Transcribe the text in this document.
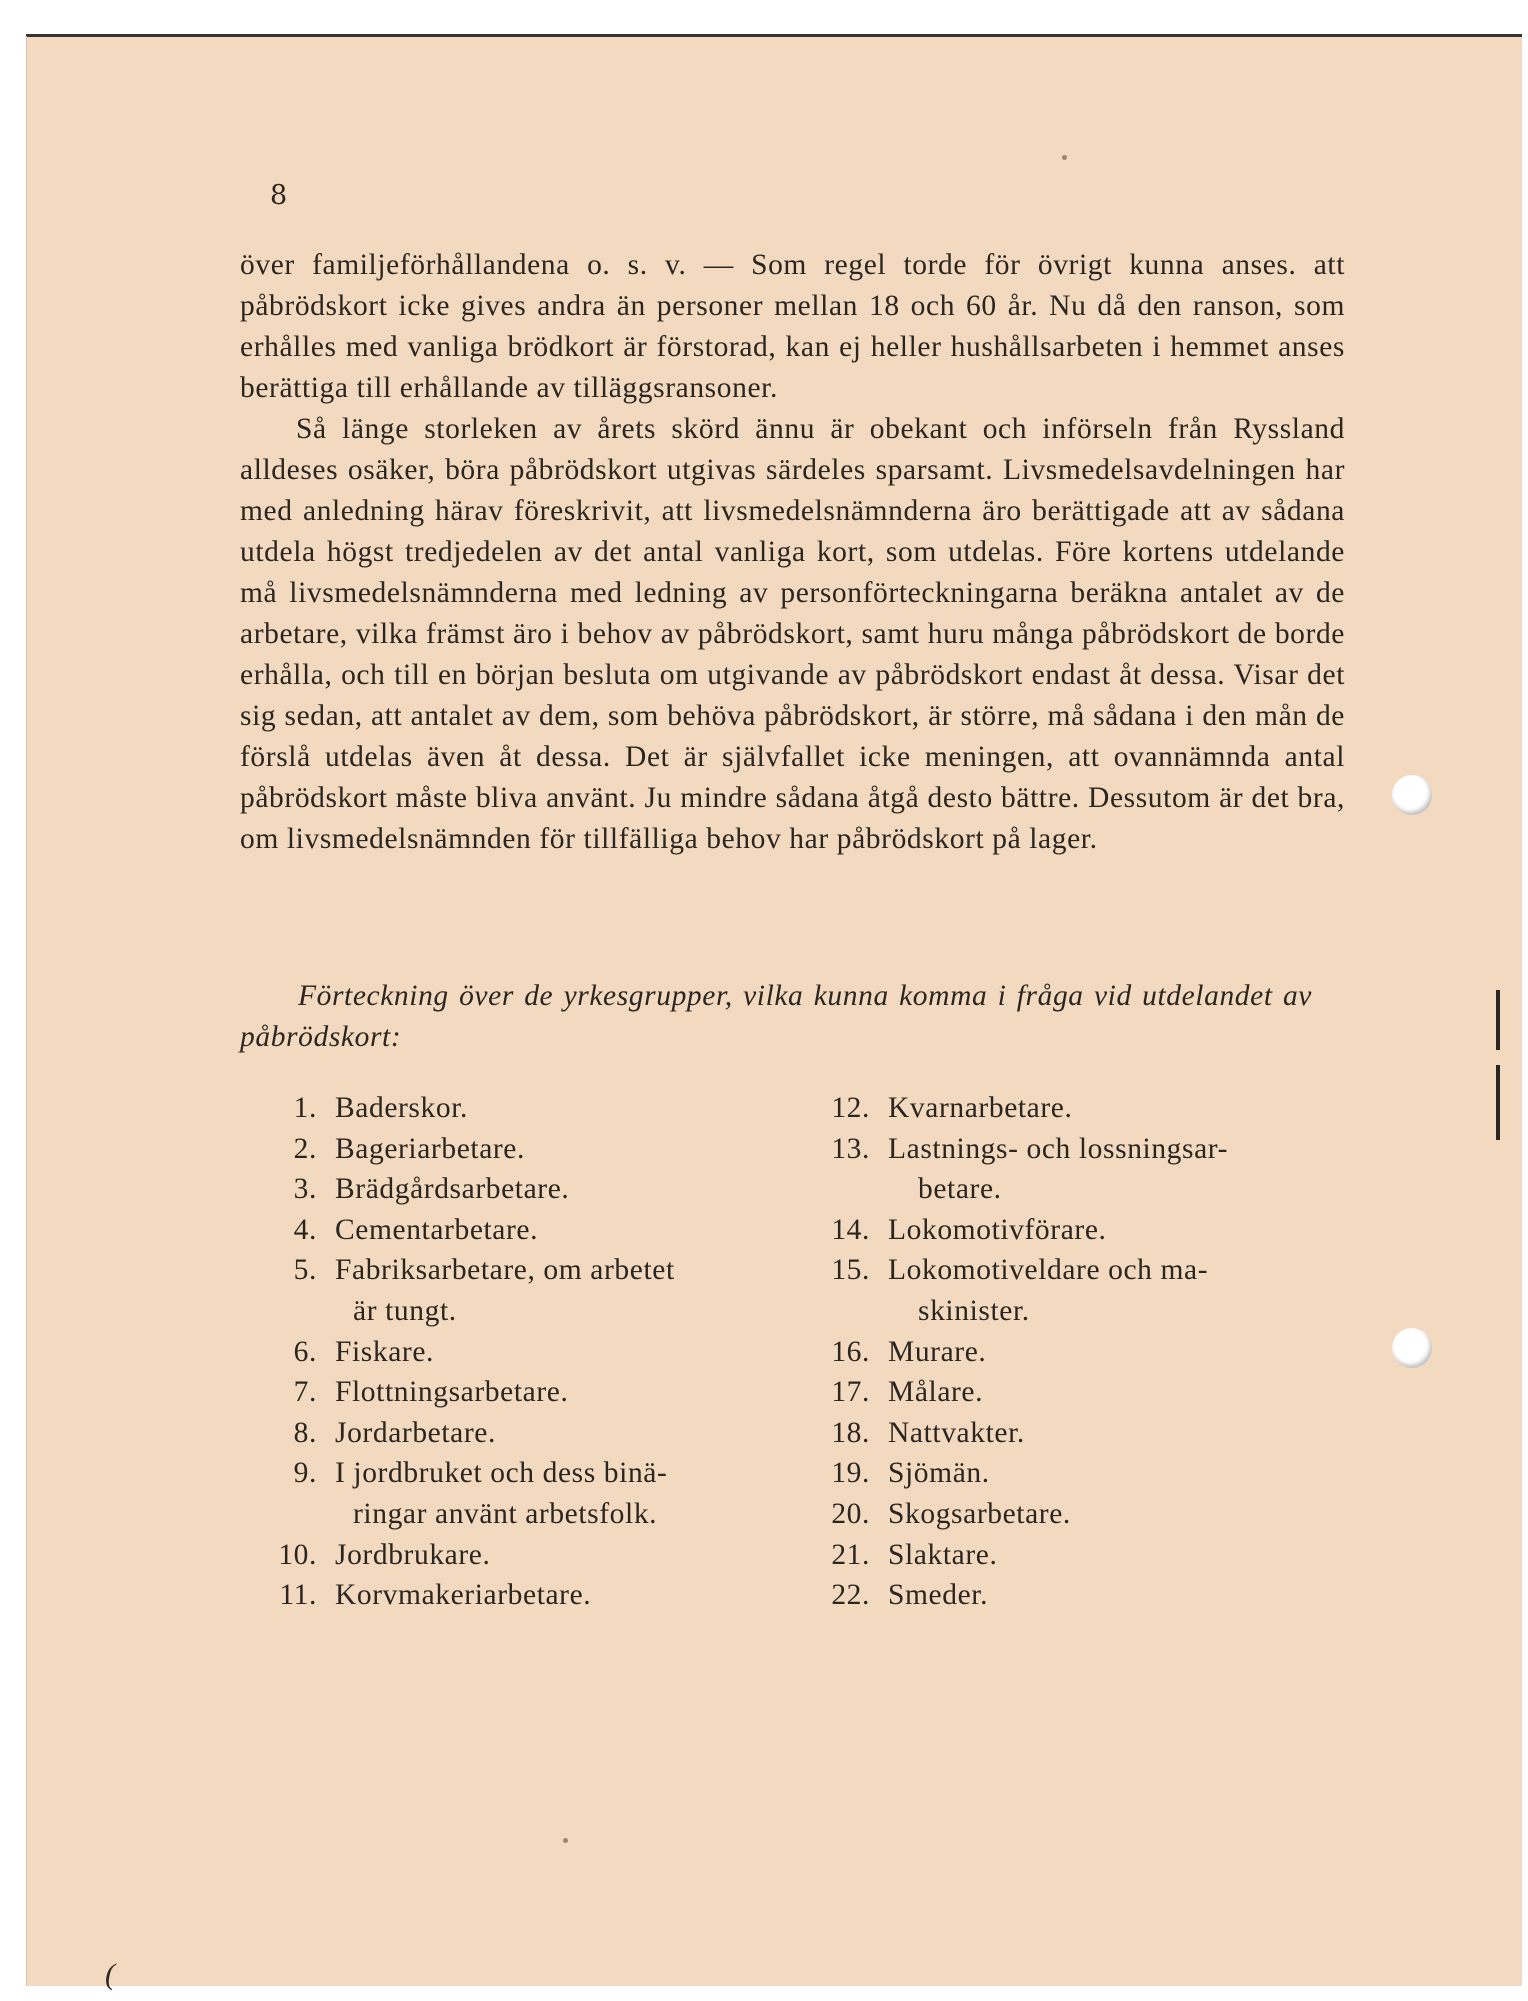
8

över familjeförhållandena o. s. v. — Som regel torde för övrigt kunna anses. att påbrödskort icke gives andra än personer mellan 18 och 60 år. Nu då den ranson, som erhålles med vanliga brödkort är förstorad, kan ej heller hushållsarbeten i hemmet anses berättiga till erhållande av tilläggsransoner.

Så länge storleken av årets skörd ännu är obekant och införseln från Ryssland alldeses osäker, böra påbrödskort utgivas särdeles sparsamt. Livsmedelsavdelningen har med anledning härav föreskrivit, att livsmedelsnämnderna äro berättigade att av sådana utdela högst tredjedelen av det antal vanliga kort, som utdelas. Före kortens utdelande må livsmedelsnämnderna med ledning av personförteckningarna beräkna antalet av de arbetare, vilka främst äro i behov av påbrödskort, samt huru många påbrödskort de borde erhålla, och till en början besluta om utgivande av påbrödskort endast åt dessa. Visar det sig sedan, att antalet av dem, som behöva påbrödskort, är större, må sådana i den mån de förslå utdelas även åt dessa. Det är självfallet icke meningen, att ovannämnda antal påbrödskort måste bliva använt. Ju mindre sådana åtgå desto bättre. Dessutom är det bra, om livsmedelsnämnden för tillfälliga behov har påbrödskort på lager.

Förteckning över de yrkesgrupper, vilka kunna komma i fråga vid utdelandet av påbrödskort:
1. Baderskor.
2. Bageriarbetare.
3. Brädgårdsarbetare.
4. Cementarbetare.
5. Fabriksarbetare, om arbetet
är tungt.
6. Fiskare.
7. Flottningsarbetare.
8. Jordarbetare.
9. I jordbruket och dess binä-
ringar använt arbetsfolk.
10. Jordbrukare.
11. Korvmakeriarbetare.
12. Kvarnarbetare.
13. Lastnings- och lossningsar-
betare.
14. Lokomotivförare.
15. Lokomotiveldare och ma-
skinister.
16. Murare.
17. Målare.
18. Nattvakter.
19. Sjömän.
20. Skogsarbetare.
21. Slaktare.
22. Smeder.
(
